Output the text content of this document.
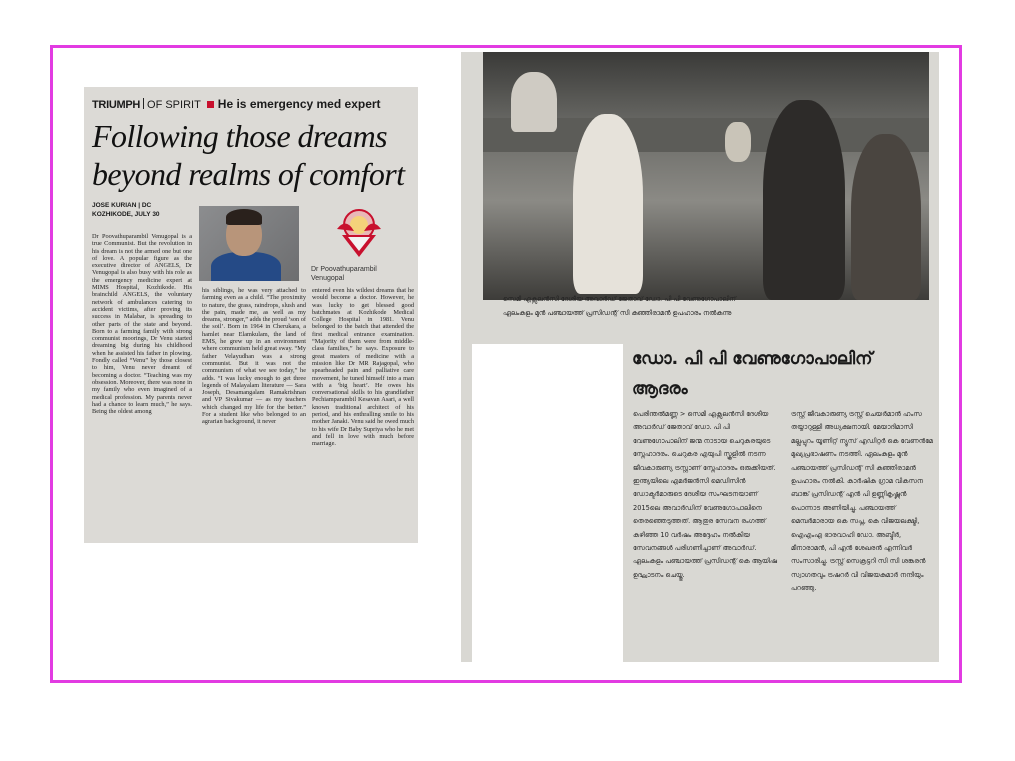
TRIUMPH OF SPIRIT He is emergency med expert
Following those dreams beyond realms of comfort
JOSE KURIAN | DC
KOZHIKODE, JULY 30
Dr Poovathuparambil Venugopal
Dr Poovathuparambil Venugopal is a true Communist. But the revolution in his dream is not the armed one but one of love. A popular figure as the executive director of ANGELS, Dr Venugopal is also busy with his role as the emergency medicine expert at MIMS Hospital, Kozhikode. His brainchild ANGELS, the voluntary network of ambulances catering to accident victims, after proving its success in Malabar, is spreading to other parts of the state and beyond. Born to a farming family with strong communist moorings, Dr Venu started dreaming big during his childhood when he assisted his father in plowing. Fondly called “Venu” by those closest to him, Venu never dreamt of becoming a doctor. “Teaching was my obsession. Moreover, there was none in my family who even imagined of a medical profession. My parents never had a chance to learn much,” he says. Being the oldest among
his siblings, he was very attached to farming even as a child. “The proximity to nature, the grass, raindrops, slush and the pain, made me, as well as my dreams, stronger,” adds the proud ‘son of the soil’. Born in 1964 in Cherukara, a hamlet near Elamkulam, the land of EMS, he grew up in an environment where communism held great sway. “My father Velayudhan was a strong communist. But it was not the communism of what we see today,” he adds. “I was lucky enough to get three legends of Malayalam literature — Sara Joseph, Desamangalam Ramakrishnan and VP Sivakumar — as my teachers which changed my life for the better.” For a student like who belonged to an agrarian background, it never
entered even his wildest dreams that he would become a doctor. However, he was lucky to get blessed good batchmates at Kozhikode Medical College Hospital in 1981. Venu belonged to the batch that attended the first medical entrance examination. “Majority of them were from middle-class families,” he says. Exposure to great masters of medicine with a mission like Dr MR Rajagopal, who spearheaded pain and palliative care movement, he tuned himself into a man with a ‘big heart’. He owes his conversational skills to his grandfather Pechiamparambil Kesavan Asari, a well known traditional architect of his period, and his enthralling smile to his mother Janaki. Venu said he owed much to his wife Dr Baby Supriya who he met and fell in love with much before marriage.
സെമി എക്സലൻസി ദേശീയ അവാർഡ് ജേതാവ് ഡോ. പി പി വേണുഗോപാലിന്
ഏലംകുളം മുൻ പഞ്ചായത്ത് പ്രസിഡന്റ് സി കുഞ്ഞിരാമൻ ഉപഹാരം നൽകുന്നു
ഡോ. പി പി വേണുഗോപാലിന്
ആദരം
പെരിന്തൽമണ്ണ > സെമി എക്സലൻസി ദേശീയ അവാർഡ് ജേതാവ് ഡോ. പി പി വേണുഗോപാലിന് ജന്മ നാടായ ചെറുകരയുടെ സ്നേഹാദരം. ചെറുകര എയുപി സ്കൂളിൽ നടന്ന ജീവകാരുണ്യ ട്രസ്റ്റാണ് സ്നേഹാദരം ഒരുക്കിയത്. ഇന്ത്യയിലെ എമർജൻസി മെഡിസിൻ ഡോക്ടർമാരുടെ ദേശീയ സംഘടനയാണ് 2015ലെ അവാർഡിന് വേണുഗോപാലിനെ തെരഞ്ഞെടുത്തത്. ആതുര സേവന രംഗത്ത് കഴിഞ്ഞ 10 വർഷം അദ്ദേഹം നൽകിയ സേവനങ്ങൾ പരിഗണിച്ചാണ് അവാർഡ്. ഏലംകുളം പഞ്ചായത്ത് പ്രസിഡന്റ് കെ ആയിഷ ഉദ്ഘാടനം ചെയ്തു.
ട്രസ്റ്റ് ജീവകാരുണ്യ ട്രസ്റ്റ് ചെയർമാൻ ഹംസ തയ്യാറുള്ളി അധ്യക്ഷനായി. മേയാദിമാസി മല്ലപ്പുറം യൂണിറ്റ് ന്യൂസ് എഡിറ്റർ കെ വേണൻമേ മുഖ്യപ്രഭാഷണം നടത്തി. ഏലംകുളം മുൻ പഞ്ചായത്ത് പ്രസിഡന്റ് സി കുഞ്ഞിരാമൻ ഉപഹാരം നൽകി. കാർഷിക ഗ്രാമ വികസന ബാങ്ക് പ്രസിഡന്റ് എൻ പി ഉണ്ണികൃഷ്ണൻ പൊന്നാട അണിയിച്ചു. പഞ്ചായത്ത് മെമ്പർമാരായ കെ സപ്ന, കെ വിജയലക്ഷ്മി, ഐഎംഎ ഭാരവാഹി ഡോ. അബ്ദീർ, മീനാരാമൻ, പി എൻ ശേഖരൻ എന്നിവർ സംസാരിച്ചു. ട്രസ്റ്റ് സെക്രട്ടറി സി സി ശങ്കരൻ സ്വാഗതവും ട്രഷറർ വി വിജയകുമാർ നന്ദിയും പറഞ്ഞു.
